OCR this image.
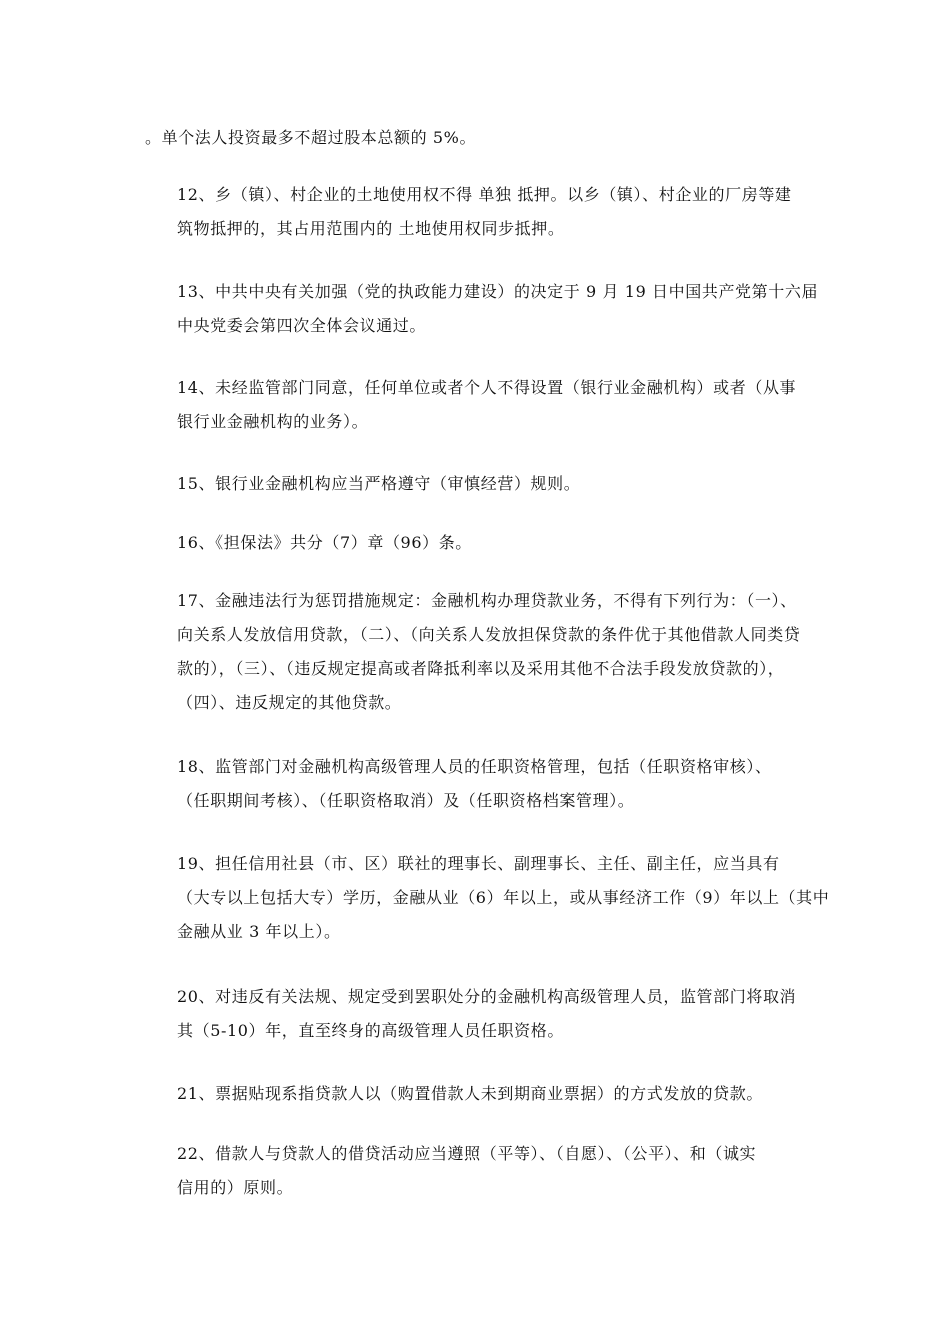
。单个法人投资最多不超过股本总额的 5%。

12、乡（镇）、村企业的土地使用权不得 单独 抵押。以乡（镇）、村企业的厂房等建
筑物抵押的，其占用范围内的 土地使用权同步抵押。

13、中共中央有关加强（党的执政能力建设）的决定于 9 月 19 日中国共产党第十六届
中央党委会第四次全体会议通过。

14、未经监管部门同意，任何单位或者个人不得设置（银行业金融机构）或者（从事
银行业金融机构的业务）。

15、银行业金融机构应当严格遵守（审慎经营）规则。

16、《担保法》共分（7）章（96）条。

17、金融违法行为惩罚措施规定：金融机构办理贷款业务，不得有下列行为：（一）、
向关系人发放信用贷款，（二）、（向关系人发放担保贷款的条件优于其他借款人同类贷
款的），（三）、（违反规定提高或者降抵利率以及采用其他不合法手段发放贷款的），
（四）、违反规定的其他贷款。

18、监管部门对金融机构高级管理人员的任职资格管理，包括（任职资格审核）、
（任职期间考核）、（任职资格取消）及（任职资格档案管理）。

19、担任信用社县（市、区）联社的理事长、副理事长、主任、副主任，应当具有
（大专以上包括大专）学历，金融从业（6）年以上，或从事经济工作（9）年以上（其中
金融从业 3 年以上）。

20、对违反有关法规、规定受到罢职处分的金融机构高级管理人员，监管部门将取消
其（5-10）年，直至终身的高级管理人员任职资格。

21、票据贴现系指贷款人以（购置借款人未到期商业票据）的方式发放的贷款。

22、借款人与贷款人的借贷活动应当遵照（平等）、（自愿）、（公平）、和（诚实
信用的）原则。
